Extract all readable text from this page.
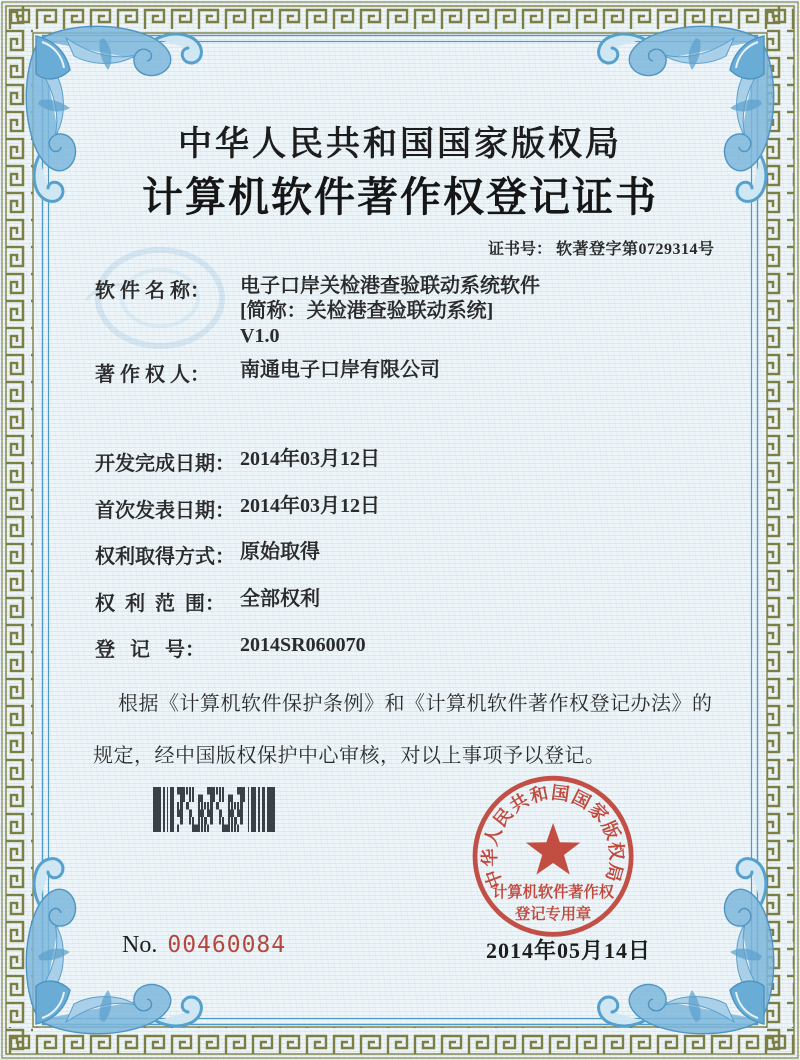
中华人民共和国国家版权局
计算机软件著作权登记证书
证书号： 软著登字第0729314号
软 件 名 称： 电子口岸关检港查验联动系统软件
[简称：关检港查验联动系统]
V1.0
著 作 权 人： 南通电子口岸有限公司
开发完成日期： 2014年03月12日
首次发表日期： 2014年03月12日
权利取得方式： 原始取得
权  利  范  围： 全部权利
登   记   号： 2014SR060070
根据《计算机软件保护条例》和《计算机软件著作权登记办法》的
规定，经中国版权保护中心审核，对以上事项予以登记。
中华人民共和国国家版权局
计算机软件著作权
登记专用章
2014年05月14日
No. 00460084
